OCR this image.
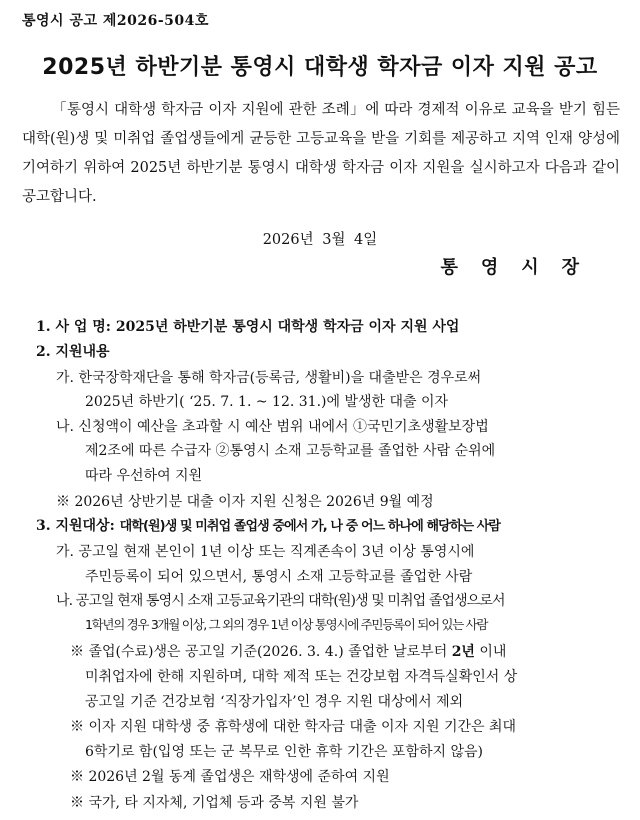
통영시 공고 제2026-504호
2025년 하반기분 통영시 대학생 학자금 이자 지원 공고
「통영시 대학생 학자금 이자 지원에 관한 조례」에 따라 경제적 이유로 교육을 받기 힘든 대학(원)생 및 미취업 졸업생들에게 균등한 고등교육을 받을 기회를 제공하고 지역 인재 양성에 기여하기 위하여 2025년 하반기분 통영시 대학생 학자금 이자 지원을 실시하고자 다음과 같이 공고합니다.
2026년 3월 4일
통영시장
1. 사 업 명: 2025년 하반기분 통영시 대학생 학자금 이자 지원 사업
2. 지원내용
가. 한국장학재단을 통해 학자금(등록금, 생활비)을 대출받은 경우로써
2025년 하반기( ‘25. 7. 1. ~ 12. 31.)에 발생한 대출 이자
나. 신청액이 예산을 초과할 시 예산 범위 내에서 ①국민기초생활보장법
제2조에 따른 수급자 ②통영시 소재 고등학교를 졸업한 사람 순위에
따라 우선하여 지원
※ 2026년 상반기분 대출 이자 지원 신청은 2026년 9월 예정
3. 지원대상: 대학(원)생 및 미취업 졸업생 중에서 가, 나 중 어느 하나에 해당하는 사람
가. 공고일 현재 본인이 1년 이상 또는 직계존속이 3년 이상 통영시에
주민등록이 되어 있으면서, 통영시 소재 고등학교를 졸업한 사람
나. 공고일 현재 통영시 소재 고등교육기관의 대학(원)생 및 미취업 졸업생으로서
1학년의 경우 3개월 이상, 그 외의 경우 1년 이상 통영시에 주민등록이 되어 있는 사람
※ 졸업(수료)생은 공고일 기준(2026. 3. 4.) 졸업한 날로부터 2년 이내
미취업자에 한해 지원하며, 대학 제적 또는 건강보험 자격득실확인서 상
공고일 기준 건강보험 ‘직장가입자’인 경우 지원 대상에서 제외
※ 이자 지원 대학생 중 휴학생에 대한 학자금 대출 이자 지원 기간은 최대
6학기로 함(입영 또는 군 복무로 인한 휴학 기간은 포함하지 않음)
※ 2026년 2월 동계 졸업생은 재학생에 준하여 지원
※ 국가, 타 지자체, 기업체 등과 중복 지원 불가
